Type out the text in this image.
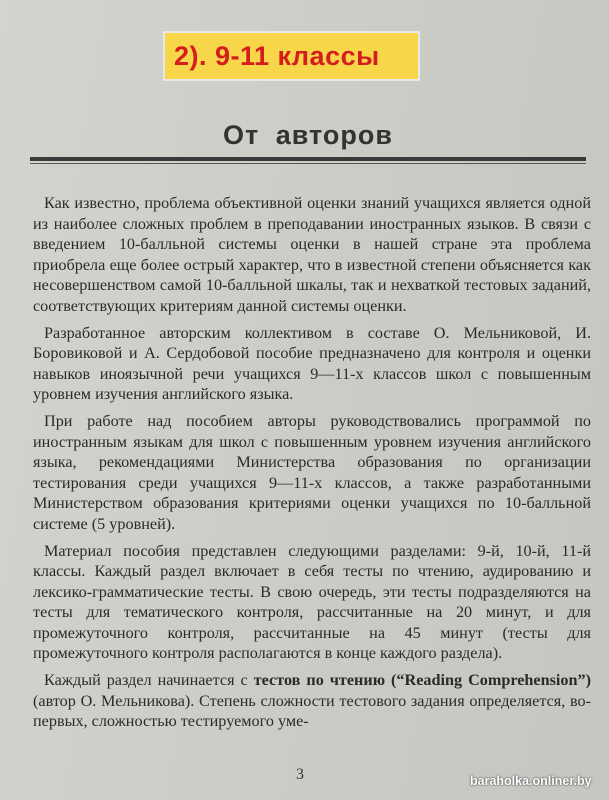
2). 9-11 классы
От авторов

Как известно, проблема объективной оценки знаний учащихся является одной из наиболее сложных проблем в преподавании иностранных языков. В связи с введением 10-балльной системы оценки в нашей стране эта проблема приобрела еще более острый характер, что в известной степени объясняется как несовершенством самой 10-балльной шкалы, так и нехваткой тестовых заданий, соответствующих критериям данной системы оценки.

Разработанное авторским коллективом в составе О. Мельниковой, И. Боровиковой и А. Сердобовой пособие предназначено для контроля и оценки навыков иноязычной речи учащихся 9—11-х классов школ с повышенным уровнем изучения английского языка.

При работе над пособием авторы руководствовались программой по иностранным языкам для школ с повышенным уровнем изучения английского языка, рекомендациями Министерства образования по организации тестирования среди учащихся 9—11-х классов, а также разработанными Министерством образования критериями оценки учащихся по 10-балльной системе (5 уровней).

Материал пособия представлен следующими разделами: 9-й, 10-й, 11-й классы. Каждый раздел включает в себя тесты по чтению, аудированию и лексико-грамматические тесты. В свою очередь, эти тесты подразделяются на тесты для тематического контроля, рассчитанные на 20 минут, и для промежуточного контроля, рассчитанные на 45 минут (тесты для промежуточного контроля располагаются в конце каждого раздела).

Каждый раздел начинается с тестов по чтению (“Reading Comprehension”) (автор О. Мельникова). Степень сложности тестового задания определяется, во-первых, сложностью тестируемого уме-

3	baraholka.onliner.by
